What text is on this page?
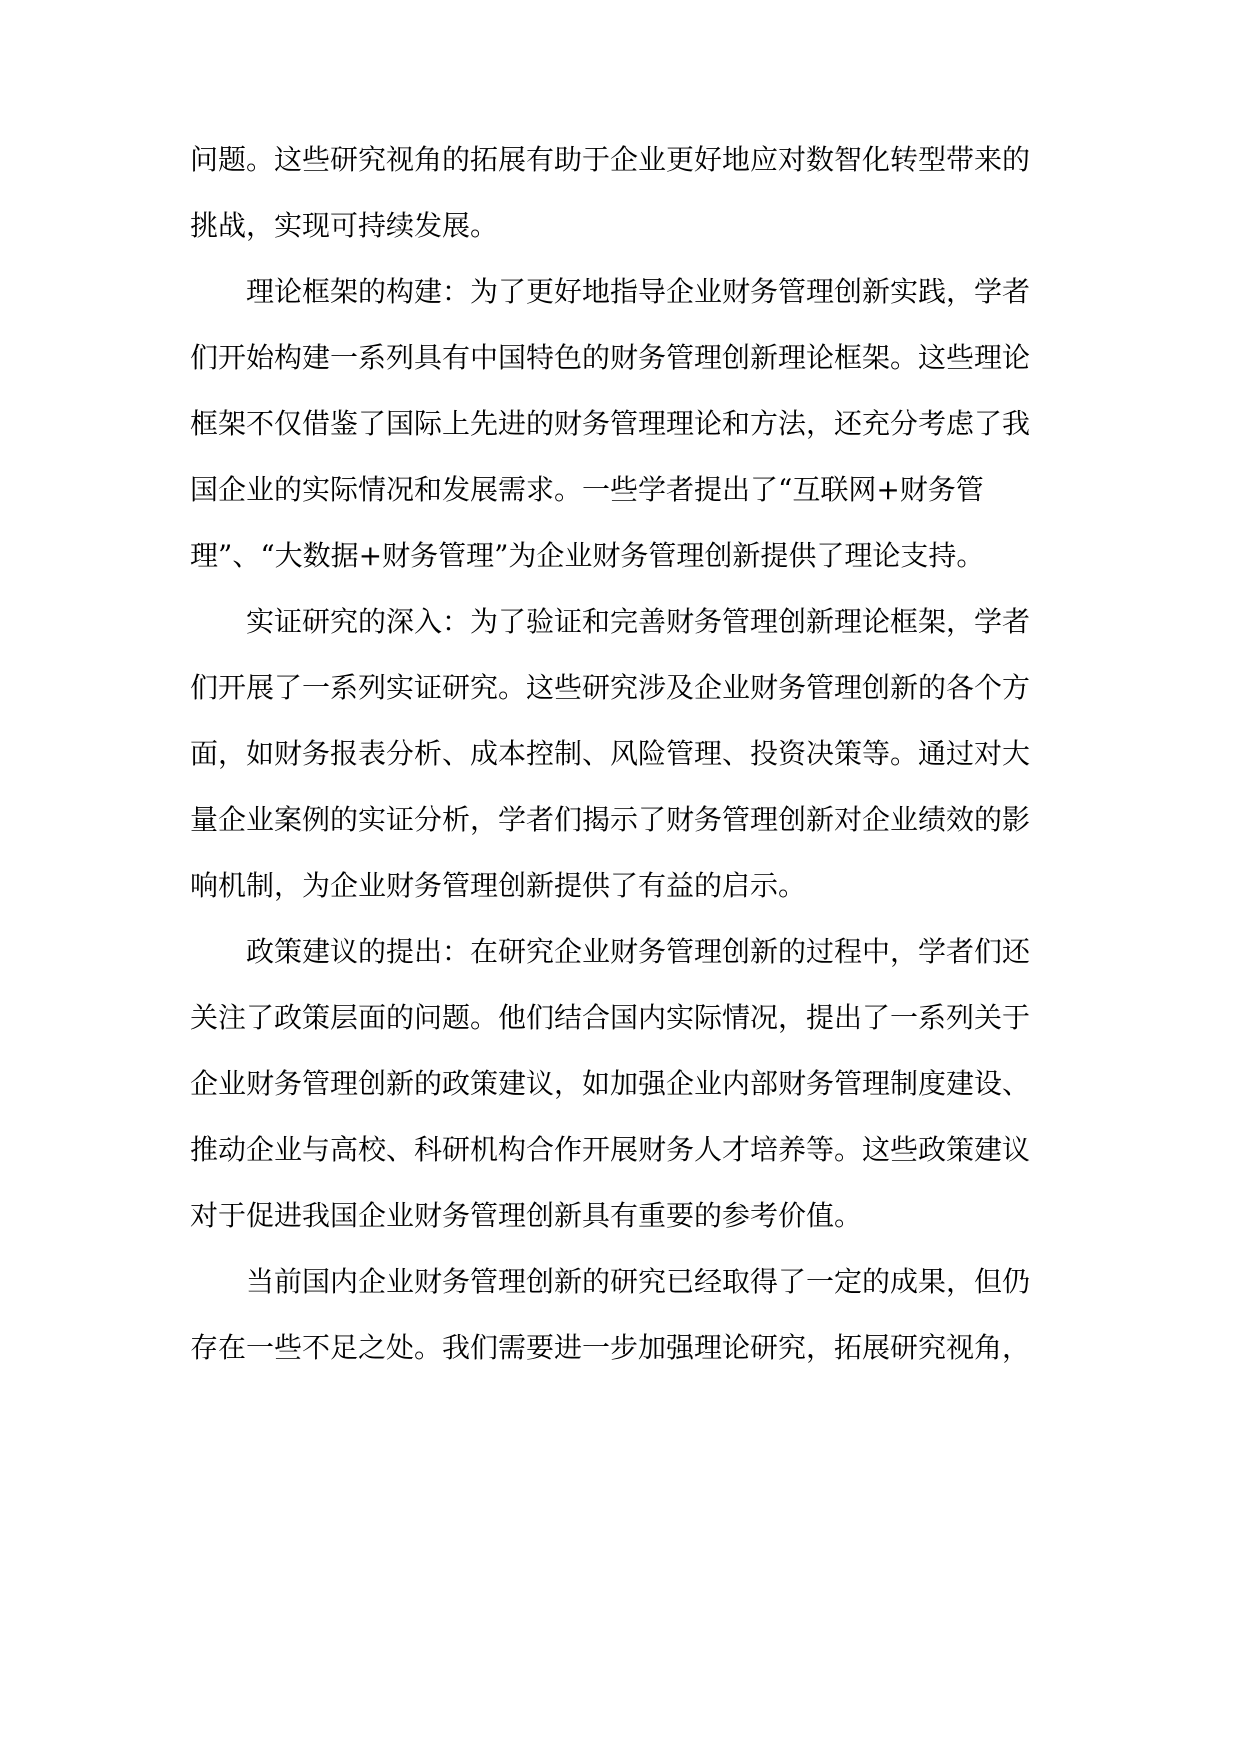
问题。这些研究视角的拓展有助于企业更好地应对数智化转型带来的
挑战，实现可持续发展。
理论框架的构建：为了更好地指导企业财务管理创新实践，学者
们开始构建一系列具有中国特色的财务管理创新理论框架。这些理论
框架不仅借鉴了国际上先进的财务管理理论和方法，还充分考虑了我
国企业的实际情况和发展需求。一些学者提出了“互联网+财务管
理”、“大数据+财务管理”为企业财务管理创新提供了理论支持。
实证研究的深入：为了验证和完善财务管理创新理论框架，学者
们开展了一系列实证研究。这些研究涉及企业财务管理创新的各个方
面，如财务报表分析、成本控制、风险管理、投资决策等。通过对大
量企业案例的实证分析，学者们揭示了财务管理创新对企业绩效的影
响机制，为企业财务管理创新提供了有益的启示。
政策建议的提出：在研究企业财务管理创新的过程中，学者们还
关注了政策层面的问题。他们结合国内实际情况，提出了一系列关于
企业财务管理创新的政策建议，如加强企业内部财务管理制度建设、
推动企业与高校、科研机构合作开展财务人才培养等。这些政策建议
对于促进我国企业财务管理创新具有重要的参考价值。
当前国内企业财务管理创新的研究已经取得了一定的成果，但仍
存在一些不足之处。我们需要进一步加强理论研究，拓展研究视角，
